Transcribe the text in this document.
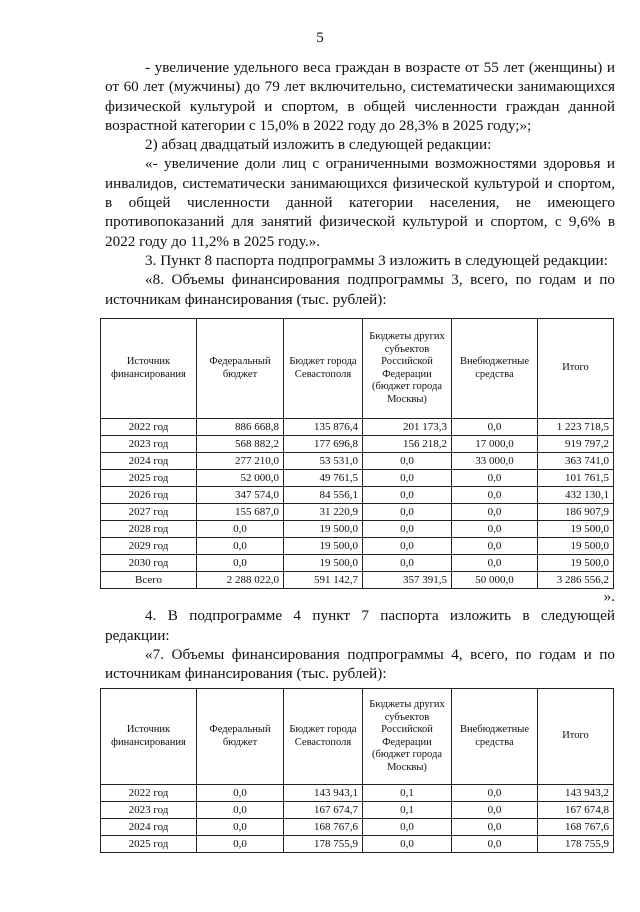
5

- увеличение удельного веса граждан в возрасте от 55 лет (женщины) и от 60 лет (мужчины) до 79 лет включительно, систематически занимающихся физической культурой и спортом, в общей численности граждан данной возрастной категории с 15,0% в 2022 году до 28,3% в 2025 году;»;

2) абзац двадцатый изложить в следующей редакции:

«- увеличение доли лиц с ограниченными возможностями здоровья и инвалидов, систематически занимающихся физической культурой и спортом, в общей численности данной категории населения, не имеющего противопоказаний для занятий физической культурой и спортом, с 9,6% в 2022 году до 11,2% в 2025 году.».

3. Пункт 8 паспорта подпрограммы 3 изложить в следующей редакции:

«8. Объемы финансирования подпрограммы 3, всего, по годам и по источникам финансирования (тыс. рублей):

Источник финансирования	Федеральный бюджет	Бюджет города Севастополя	Бюджеты других субъектов Российской Федерации (бюджет города Москвы)	Внебюджетные средства	Итого
2022 год	886 668,8	135 876,4	201 173,3	0,0	1 223 718,5
2023 год	568 882,2	177 696,8	156 218,2	17 000,0	919 797,2
2024 год	277 210,0	53 531,0	0,0	33 000,0	363 741,0
2025 год	52 000,0	49 761,5	0,0	0,0	101 761,5
2026 год	347 574,0	84 556,1	0,0	0,0	432 130,1
2027 год	155 687,0	31 220,9	0,0	0,0	186 907,9
2028 год	0,0	19 500,0	0,0	0,0	19 500,0
2029 год	0,0	19 500,0	0,0	0,0	19 500,0
2030 год	0,0	19 500,0	0,0	0,0	19 500,0
Всего	2 288 022,0	591 142,7	357 391,5	50 000,0	3 286 556,2

».

4. В подпрограмме 4 пункт 7 паспорта изложить в следующей редакции:

«7. Объемы финансирования подпрограммы 4, всего, по годам и по источникам финансирования (тыс. рублей):

Источник финансирования	Федеральный бюджет	Бюджет города Севастополя	Бюджеты других субъектов Российской Федерации (бюджет города Москвы)	Внебюджетные средства	Итого
2022 год	0,0	143 943,1	0,1	0,0	143 943,2
2023 год	0,0	167 674,7	0,1	0,0	167 674,8
2024 год	0,0	168 767,6	0,0	0,0	168 767,6
2025 год	0,0	178 755,9	0,0	0,0	178 755,9
